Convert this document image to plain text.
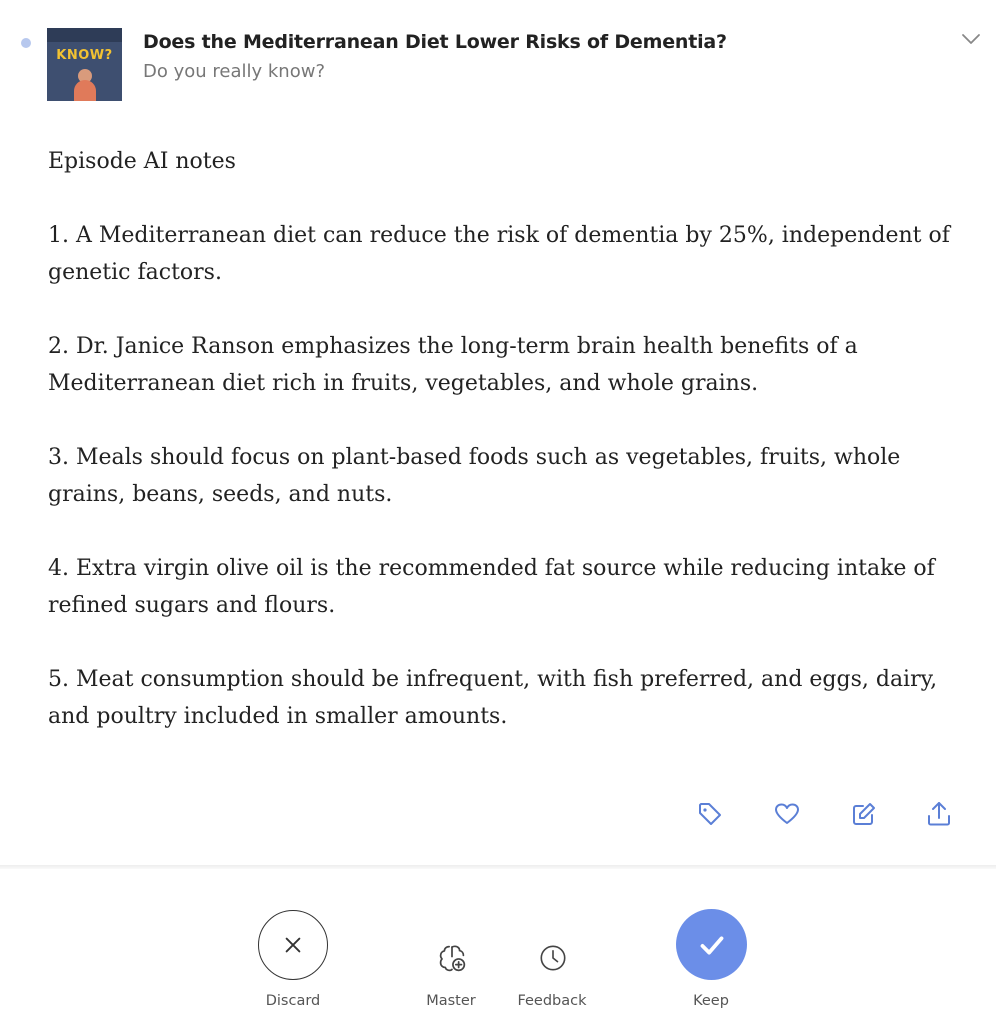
KNOW?
Does the Mediterranean Diet Lower Risks of Dementia?
Do you really know?
Episode AI notes
1. A Mediterranean diet can reduce the risk of dementia by 25%, independent of genetic factors.
2. Dr. Janice Ranson emphasizes the long-term brain health benefits of a Mediterranean diet rich in fruits, vegetables, and whole grains.
3. Meals should focus on plant-based foods such as vegetables, fruits, whole grains, beans, seeds, and nuts.
4. Extra virgin olive oil is the recommended fat source while reducing intake of refined sugars and flours.
5. Meat consumption should be infrequent, with fish preferred, and eggs, dairy, and poultry included in smaller amounts.
Discard	Master	Feedback	Keep
